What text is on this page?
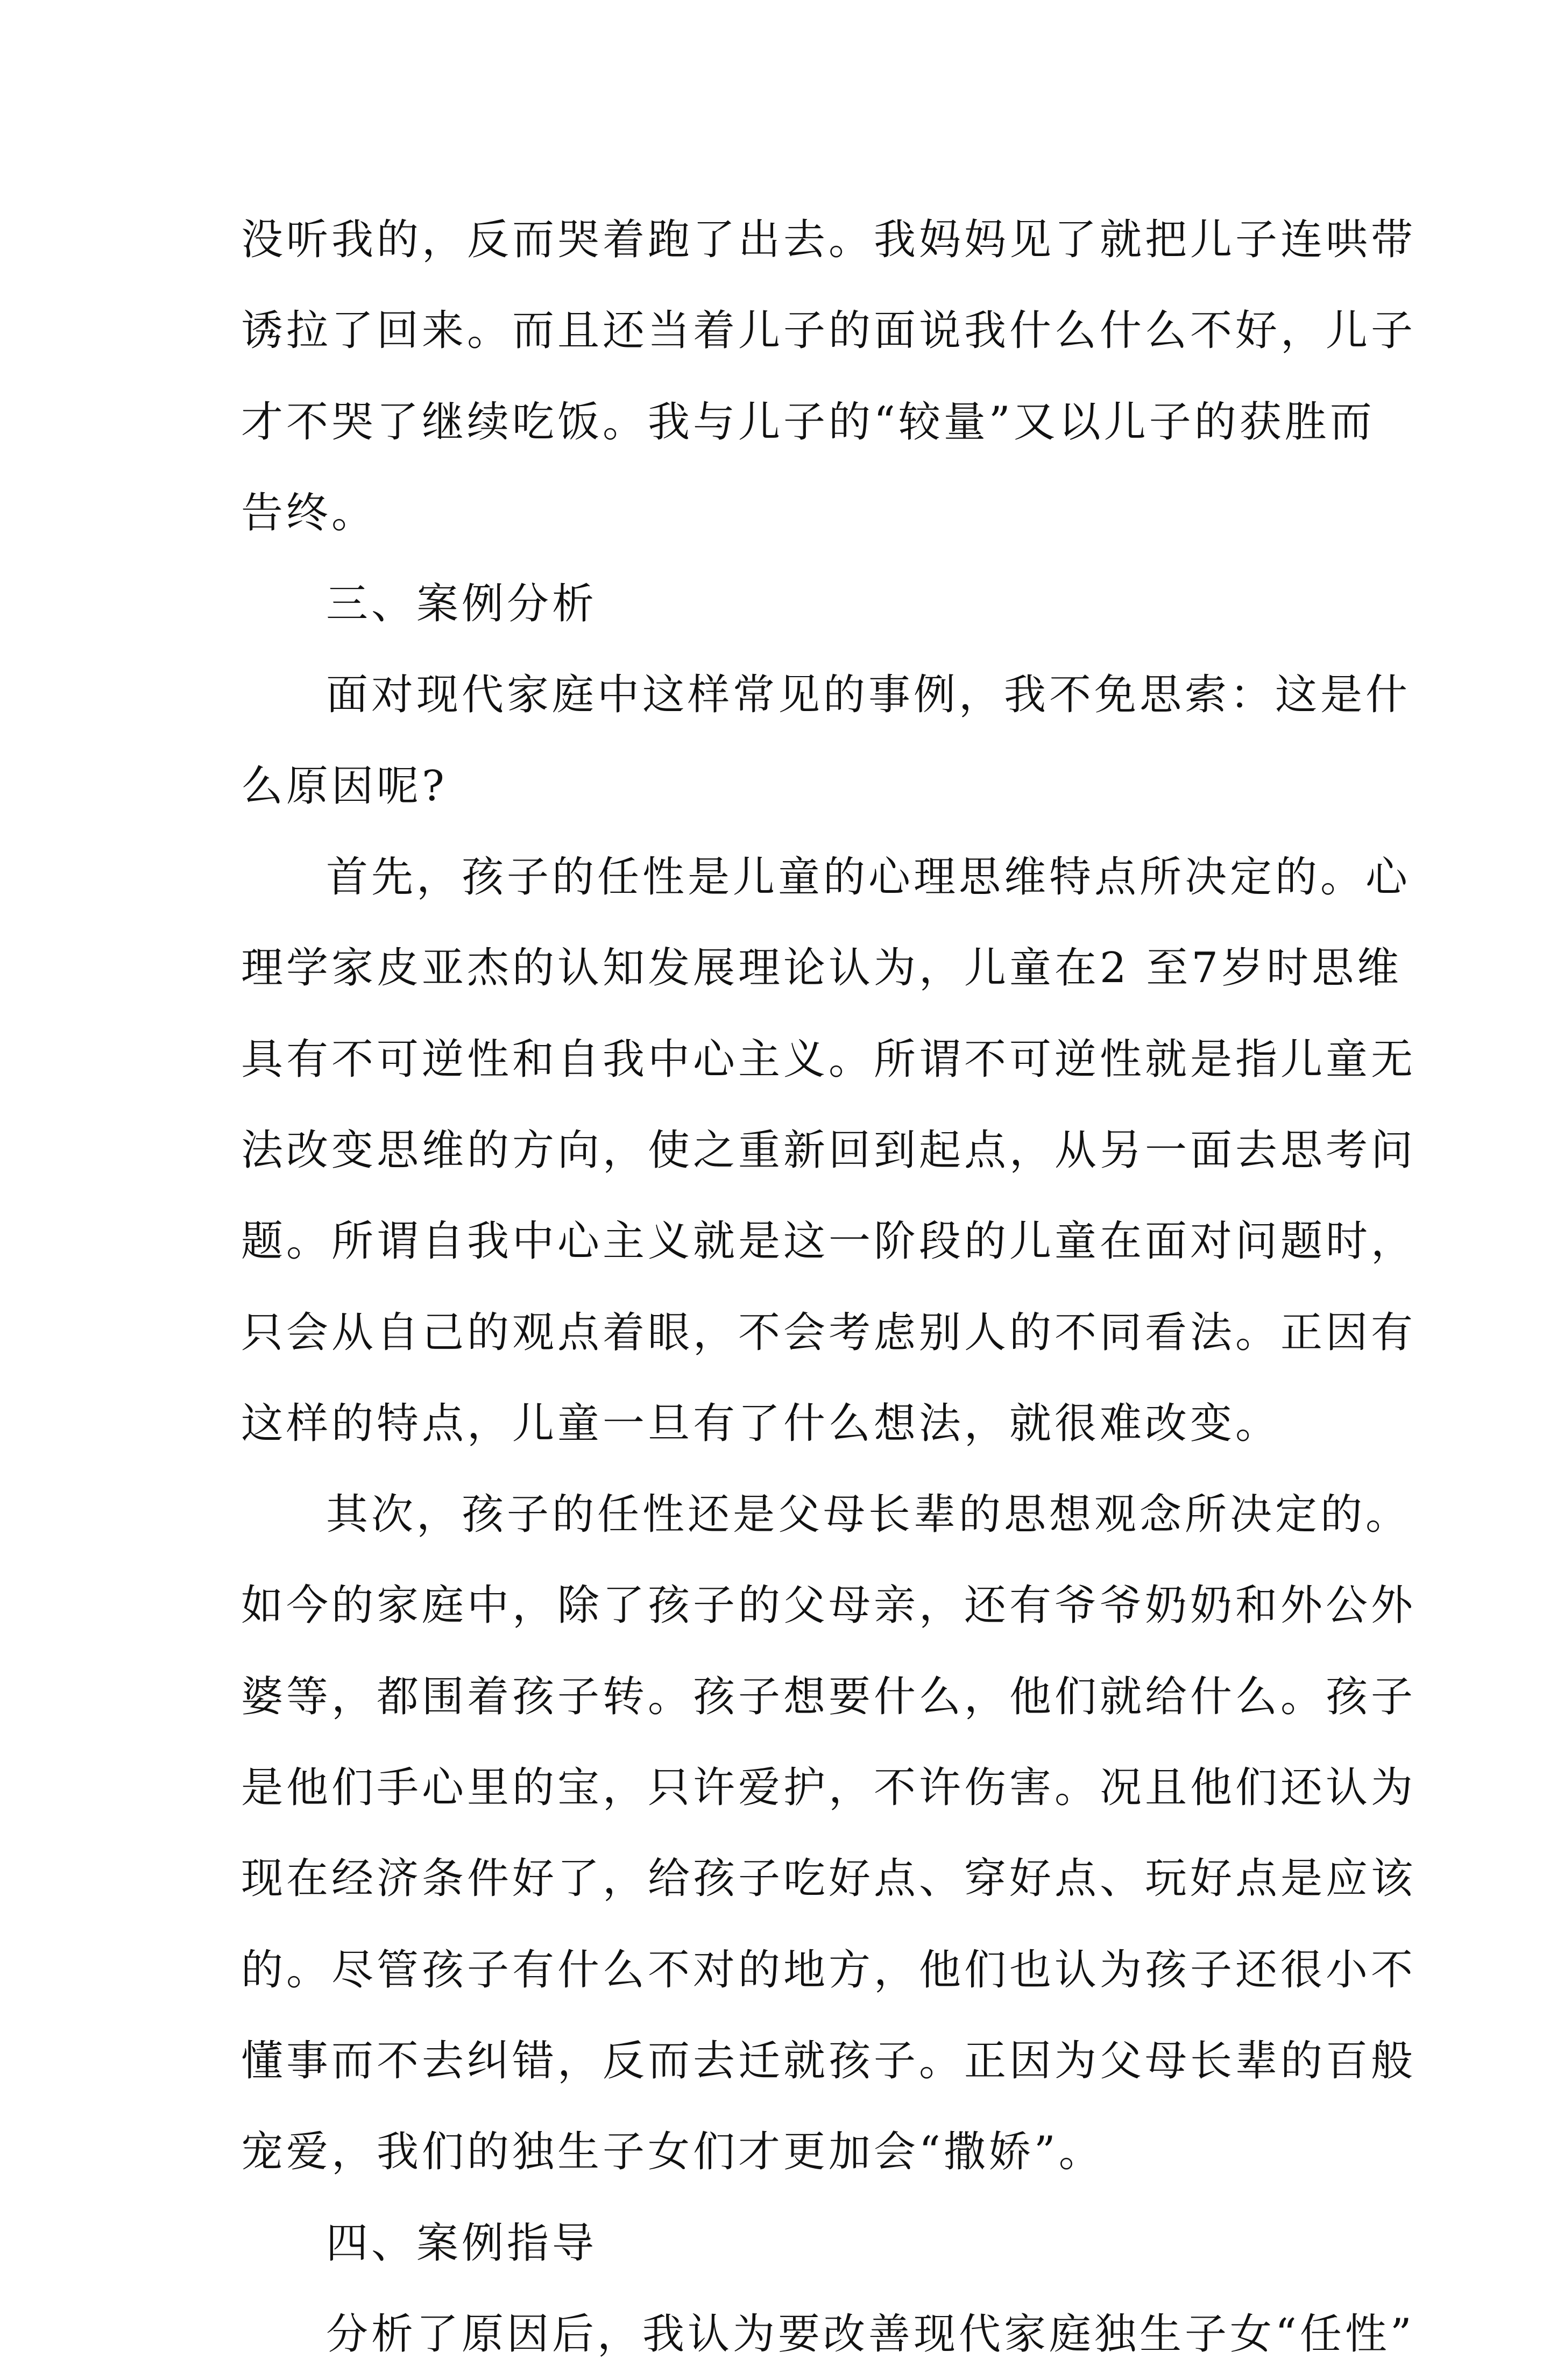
没听我的，反而哭着跑了出去。我妈妈见了就把儿子连哄带
诱拉了回来。而且还当着儿子的面说我什么什么不好，儿子
才不哭了继续吃饭。我与儿子的“较量”又以儿子的获胜而
告终。
三、案例分析
面对现代家庭中这样常见的事例，我不免思索：这是什
么原因呢?
首先，孩子的任性是儿童的心理思维特点所决定的。心
理学家皮亚杰的认知发展理论认为，儿童在2 至7岁时思维
具有不可逆性和自我中心主义。所谓不可逆性就是指儿童无
法改变思维的方向，使之重新回到起点，从另一面去思考问
题。所谓自我中心主义就是这一阶段的儿童在面对问题时，
只会从自己的观点着眼，不会考虑别人的不同看法。正因有
这样的特点，儿童一旦有了什么想法，就很难改变。
其次，孩子的任性还是父母长辈的思想观念所决定的。
如今的家庭中，除了孩子的父母亲，还有爷爷奶奶和外公外
婆等，都围着孩子转。孩子想要什么，他们就给什么。孩子
是他们手心里的宝，只许爱护，不许伤害。况且他们还认为
现在经济条件好了，给孩子吃好点、穿好点、玩好点是应该
的。尽管孩子有什么不对的地方，他们也认为孩子还很小不
懂事而不去纠错，反而去迁就孩子。正因为父母长辈的百般
宠爱，我们的独生子女们才更加会“撒娇”。
四、案例指导
分析了原因后，我认为要改善现代家庭独生子女“任性”
